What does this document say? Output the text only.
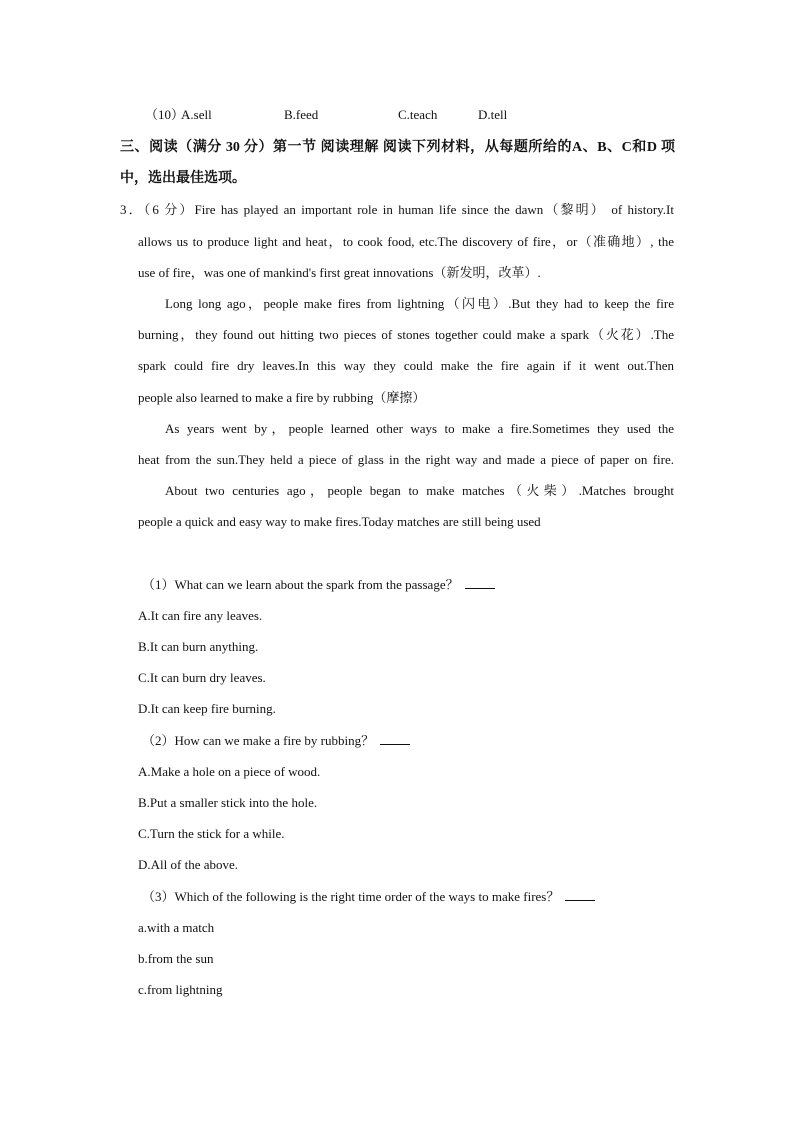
（10）
A.sell	B.feed	C.teach	D.tell
三、阅读（满分 30 分）第一节 阅读理解 阅读下列材料，从每题所给的A、B、C和D 项
中，选出最佳选项。
3．（6 分）Fire has played an important role in human life since the dawn（黎明） of history.It
allows us to produce light and heat，to cook food, etc.The discovery of fire，or（准确地）, the
use of fire，was one of mankind's first great innovations（新发明，改革）.
Long long ago，people make fires from lightning（闪电）.But they had to keep the fire
burning，they found out hitting two pieces of stones together could make a spark（火花）.The
spark could fire dry leaves.In this way they could make the fire again if it went out.Then
people also learned to make a fire by rubbing（摩擦）
As years went by，people learned other ways to make a fire.Sometimes they used the
heat from the sun.They held a piece of glass in the right way and made a piece of paper on fire.
About two centuries ago，people began to make matches（火柴）.Matches brought
people a quick and easy way to make fires.Today matches are still being used
（1）What can we learn about the spark from the passage？
A.It can fire any leaves.
B.It can burn anything.
C.It can burn dry leaves.
D.It can keep fire burning.
（2）How can we make a fire by rubbing？
A.Make a hole on a piece of wood.
B.Put a smaller stick into the hole.
C.Turn the stick for a while.
D.All of the above.
（3）Which of the following is the right time order of the ways to make fires？
a.with a match
b.from the sun
c.from lightning
